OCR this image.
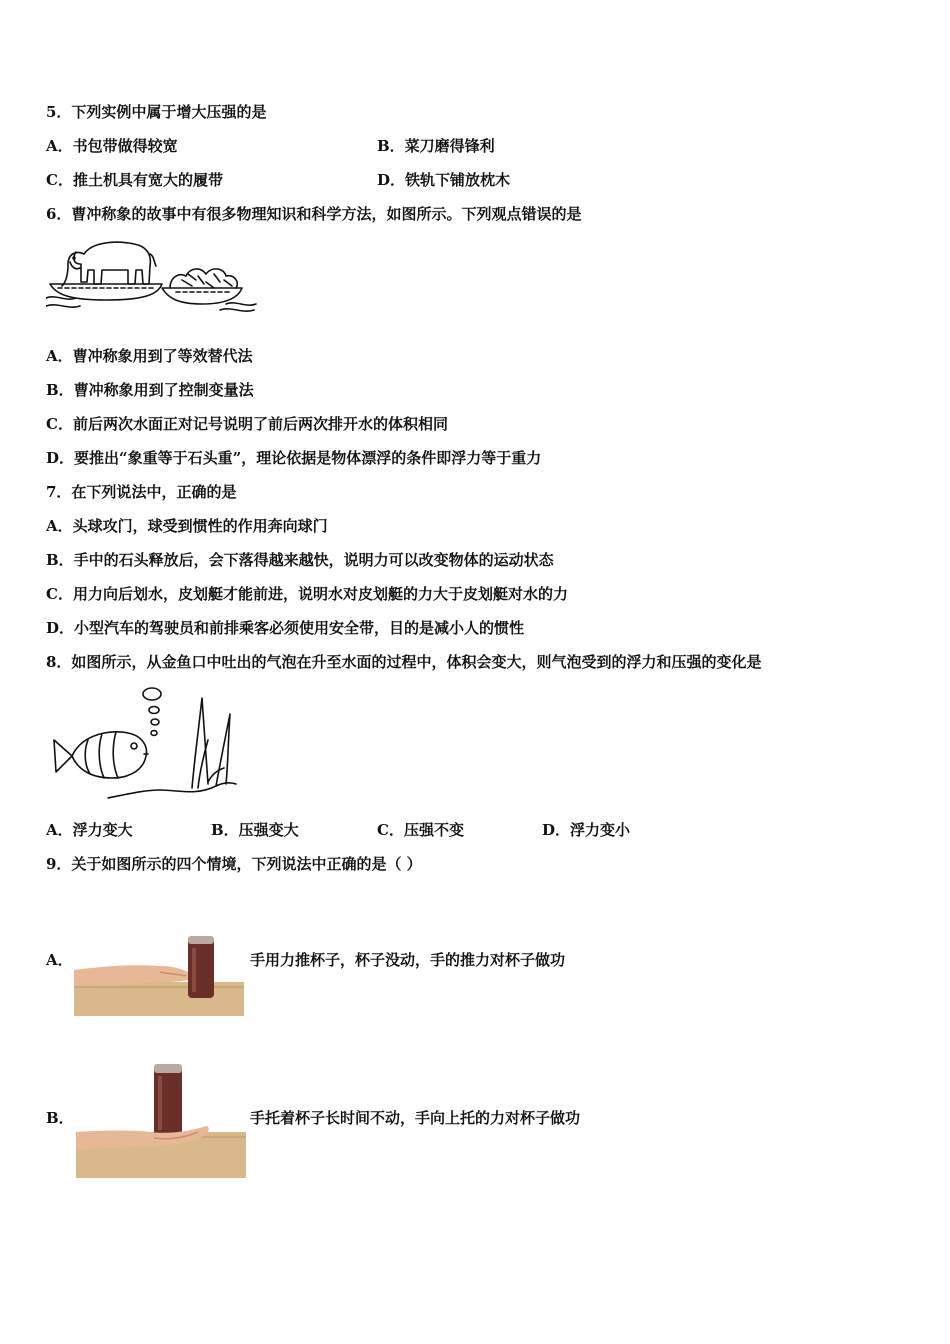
5．下列实例中属于增大压强的是
A．书包带做得较宽	B．菜刀磨得锋利
C．推土机具有宽大的履带	D．铁轨下铺放枕木
6．曹冲称象的故事中有很多物理知识和科学方法，如图所示。下列观点错误的是
A．曹冲称象用到了等效替代法
B．曹冲称象用到了控制变量法
C．前后两次水面正对记号说明了前后两次排开水的体积相同
D．要推出“象重等于石头重”，理论依据是物体漂浮的条件即浮力等于重力
7．在下列说法中，正确的是
A．头球攻门，球受到惯性的作用奔向球门
B．手中的石头释放后，会下落得越来越快，说明力可以改变物体的运动状态
C．用力向后划水，皮划艇才能前进，说明水对皮划艇的力大于皮划艇对水的力
D．小型汽车的驾驶员和前排乘客必须使用安全带，目的是减小人的惯性
8．如图所示，从金鱼口中吐出的气泡在升至水面的过程中，体积会变大，则气泡受到的浮力和压强的变化是
A．浮力变大	B．压强变大	C．压强不变	D．浮力变小
9．关于如图所示的四个情境，下列说法中正确的是（ ）
A．	手用力推杯子，杯子没动，手的推力对杯子做功
B．	手托着杯子长时间不动，手向上托的力对杯子做功
